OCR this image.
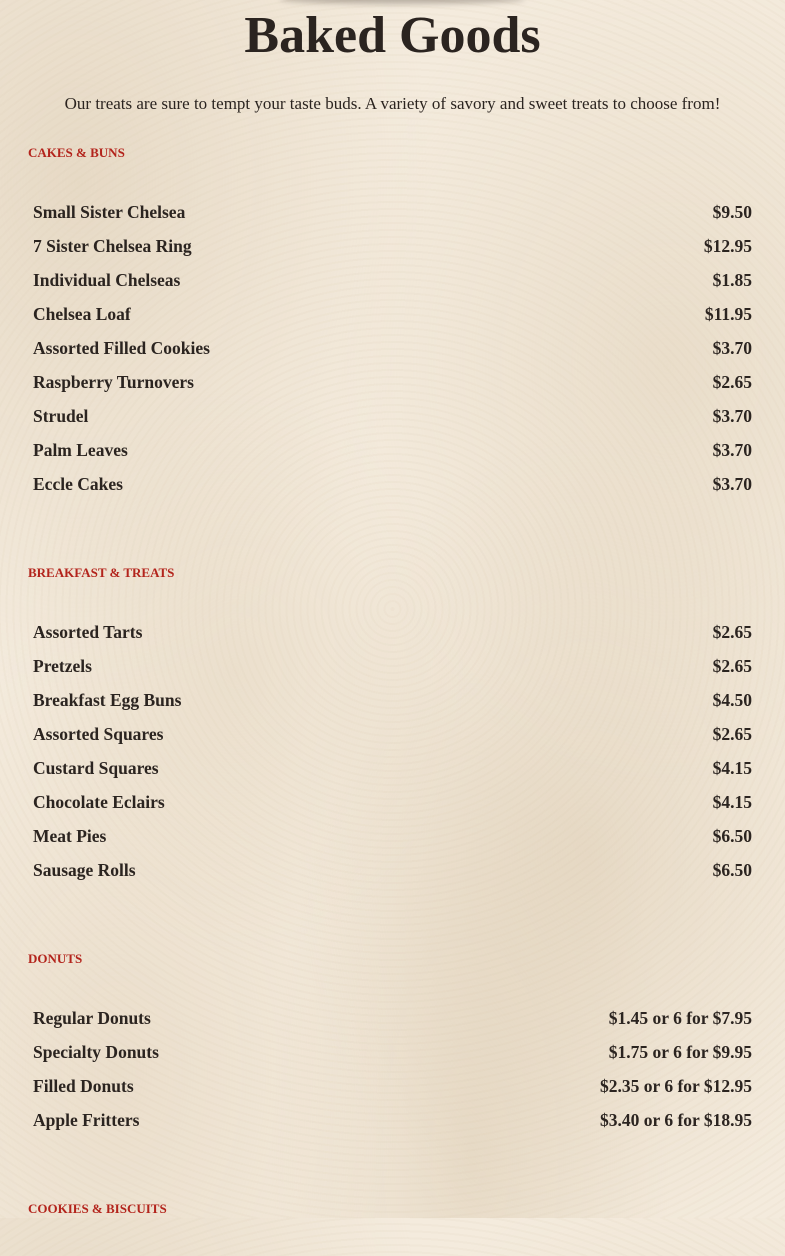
Baked Goods

Our treats are sure to tempt your taste buds. A variety of savory and sweet treats to choose from!

CAKES & BUNS
Small Sister Chelsea	$9.50
7 Sister Chelsea Ring	$12.95
Individual Chelseas	$1.85
Chelsea Loaf	$11.95
Assorted Filled Cookies	$3.70
Raspberry Turnovers	$2.65
Strudel	$3.70
Palm Leaves	$3.70
Eccle Cakes	$3.70
BREAKFAST & TREATS
Assorted Tarts	$2.65
Pretzels	$2.65
Breakfast Egg Buns	$4.50
Assorted Squares	$2.65
Custard Squares	$4.15
Chocolate Eclairs	$4.15
Meat Pies	$6.50
Sausage Rolls	$6.50
DONUTS
Regular Donuts	$1.45 or 6 for $7.95
Specialty Donuts	$1.75 or 6 for $9.95
Filled Donuts	$2.35 or 6 for $12.95
Apple Fritters	$3.40 or 6 for $18.95
COOKIES & BISCUITS
